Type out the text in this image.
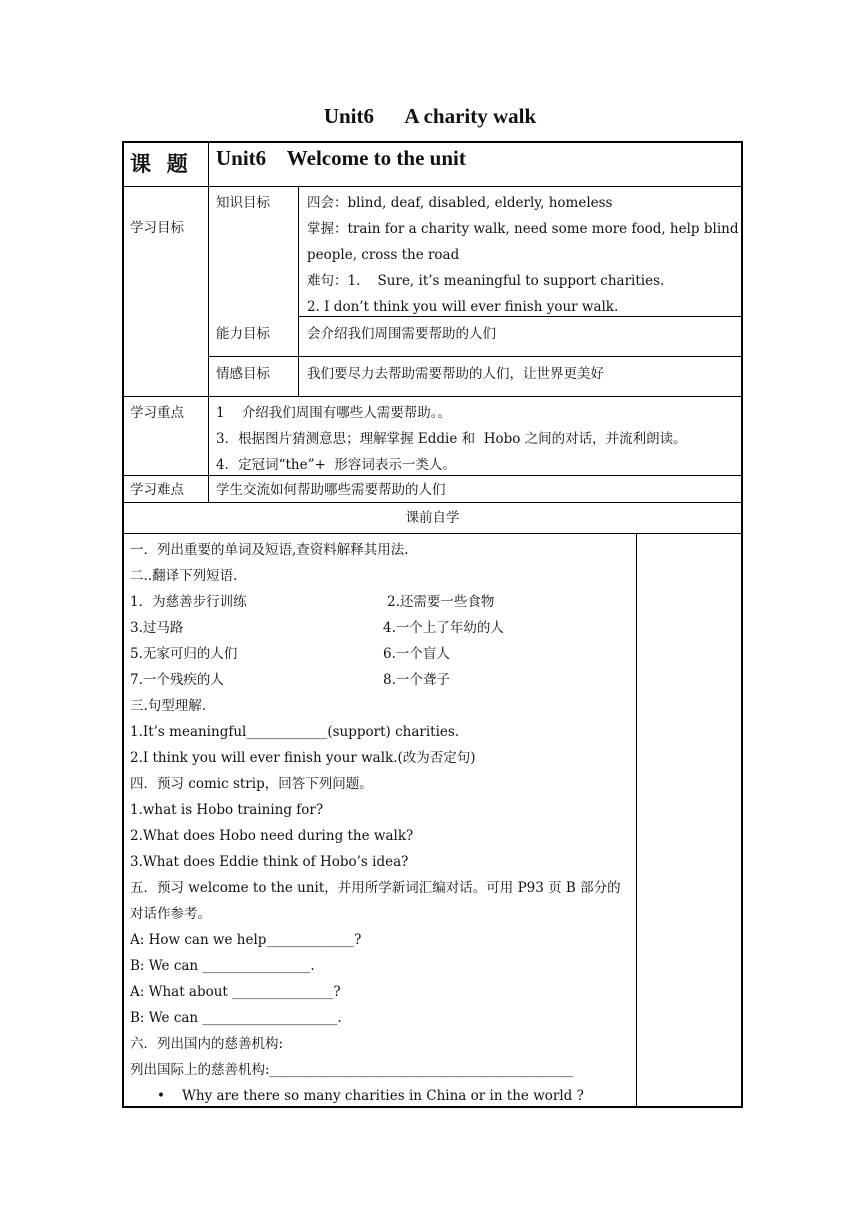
Unit6      A charity walk
课   题 Unit6    Welcome to the unit
学习目标
知识目标	四会：blind, deaf, disabled, elderly, homeless
掌握：train for a charity walk, need some more food, help blind
people, cross the road
难句：1.    Sure, it’s meaningful to support charities.
2. I don’t think you will ever finish your walk.
能力目标	会介绍我们周围需要帮助的人们
情感目标	我们要尽力去帮助需要帮助的人们，让世界更美好
学习重点 1    介绍我们周围有哪些人需要帮助。。
3．根据图片猜测意思；理解掌握 Eddie 和  Hobo 之间的对话，并流利朗读。
4．定冠词“the”+  形容词表示一类人。
学习难点 学生交流如何帮助哪些需要帮助的人们
课前自学
一．列出重要的单词及短语,查资料解释其用法.
二..翻译下列短语.
1．为慈善步行训练	2.还需要一些食物
3.过马路	4.一个上了年幼的人
5.无家可归的人们	6.一个盲人
7.一个残疾的人	8.一个聋子
三.句型理解.
1.It’s meaningful____________(support) charities.
2.I think you will ever finish your walk.(改为否定句)
四．预习 comic strip，回答下列问题。
1.what is Hobo training for?
2.What does Hobo need during the walk?
3.What does Eddie think of Hobo’s idea?
五．预习 welcome to the unit，并用所学新词汇编对话。可用 P93 页 B 部分的
对话作参考。
A: How can we help_____________?
B: We can ________________.
A: What about _______________?
B: We can ____________________.
六．列出国内的慈善机构:
列出国际上的慈善机构:_____________________________________________
• Why are there so many charities in China or in the world ?
